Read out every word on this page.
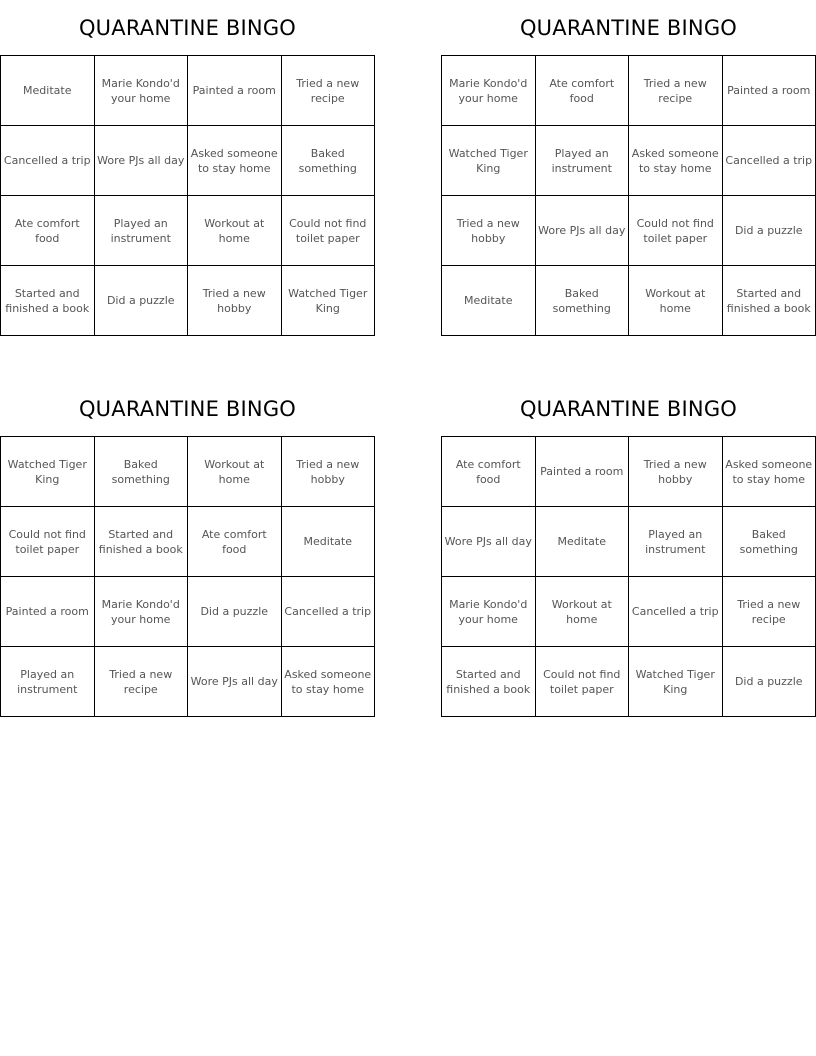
QUARANTINE BINGO
Meditate
Marie Kondo'd your home
Painted a room
Tried a new recipe
Cancelled a trip Wore PJs all day
Asked someone to stay home
Baked something
Ate comfort food
Played an instrument
Workout at home
Could not find toilet paper
Started and finished a book
Did a puzzle
Tried a new hobby
Watched Tiger King
QUARANTINE BINGO
Marie Kondo'd your home
Ate comfort food
Tried a new recipe
Painted a room
Watched Tiger King
Played an instrument
Asked someone to stay home
Cancelled a trip
Tried a new hobby
Wore PJs all day
Could not find toilet paper
Did a puzzle
Meditate
Baked something
Workout at home
Started and finished a book
QUARANTINE BINGO
Watched Tiger King
Baked something
Workout at home
Tried a new hobby
Could not find toilet paper
Started and finished a book
Ate comfort food
Meditate
Painted a room
Marie Kondo'd your home
Did a puzzle	Cancelled a trip
Played an instrument
Tried a new recipe
Wore PJs all day
Asked someone to stay home
QUARANTINE BINGO
Ate comfort food
Painted a room
Tried a new hobby
Asked someone to stay home
Wore PJs all day	Meditate
Played an instrument
Baked something
Marie Kondo'd your home
Workout at home
Cancelled a trip
Tried a new recipe
Started and finished a book
Could not find toilet paper
Watched Tiger King
Did a puzzle
